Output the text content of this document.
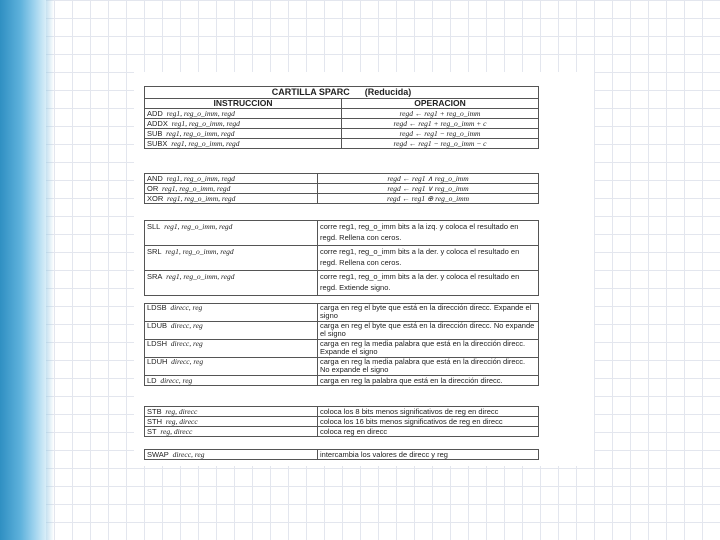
CARTILLA SPARC (Reducida)	
INSTRUCCION	OPERACION
ADD reg1, reg_o_imm, regd	regd ← reg1 + reg_o_imm
ADDX reg1, reg_o_imm, regd	regd ← reg1 + reg_o_imm + c
SUB reg1, reg_o_imm, regd	regd ← reg1 − reg_o_imm
SUBX reg1, reg_o_imm, regd	regd ← reg1 − reg_o_imm − c
AND reg1, reg_o_imm, regd	regd ← reg1 ∧ reg_o_imm
OR reg1, reg_o_imm, regd	regd ← reg1 ∨ reg_o_imm
XOR reg1, reg_o_imm, regd	regd ← reg1 ⊕ reg_o_imm
SLL reg1, reg_o_imm, regd	corre reg1, reg_o_imm bits a la izq. y coloca el resultado en regd. Rellena con ceros.
SRL reg1, reg_o_imm, regd	corre reg1, reg_o_imm bits a la der. y coloca el resultado en regd. Rellena con ceros.
SRA reg1, reg_o_imm, regd	corre reg1, reg_o_imm bits a la der. y coloca el resultado en regd. Extiende signo.
LDSB direcc, reg	carga en reg el byte que está en la dirección direcc. Expande el signo
LDUB direcc, reg	carga en reg el byte que está en la dirección direcc. No expande el signo
LDSH direcc, reg	carga en reg la media palabra que está en la dirección direcc. Expande el signo
LDUH direcc, reg	carga en reg la media palabra que está en la dirección direcc. No expande el signo
LD direcc, reg	carga en reg la palabra que está en la dirección direcc.
STB reg, direcc	coloca los 8 bits menos significativos de reg en direcc
STH reg, direcc	coloca los 16 bits menos significativos de reg en direcc
ST reg, direcc	coloca reg en direcc
SWAP direcc, reg	intercambia los valores de direcc y reg
